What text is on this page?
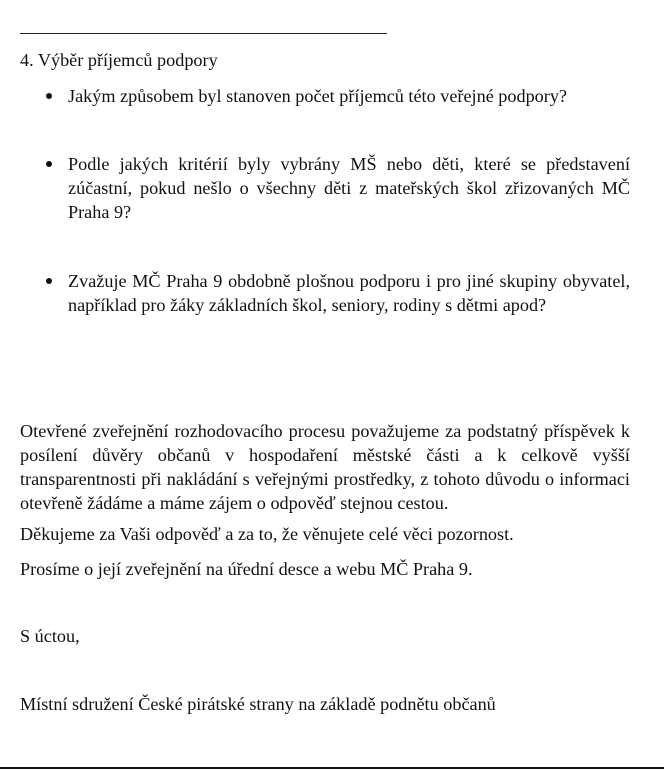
4. Výběr příjemců podpory
Jakým způsobem byl stanoven počet příjemců této veřejné podpory?
Podle jakých kritérií byly vybrány MŠ nebo děti, které se představení zúčastní, pokud nešlo o všechny děti z mateřských škol zřizovaných MČ Praha 9?
Zvažuje MČ Praha 9 obdobně plošnou podporu i pro jiné skupiny obyvatel, například pro žáky základních škol, seniory, rodiny s dětmi apod?
Otevřené zveřejnění rozhodovacího procesu považujeme za podstatný příspěvek k posílení důvěry občanů v hospodaření městské části a k celkově vyšší transparentnosti při nakládání s veřejnými prostředky, z tohoto důvodu o informaci otevřeně žádáme a máme zájem o odpověď stejnou cestou.
Děkujeme za Vaši odpověď a za to, že věnujete celé věci pozornost.
Prosíme o její zveřejnění na úřední desce a webu MČ Praha 9.
S úctou,
Místní sdružení České pirátské strany na základě podnětu občanů
